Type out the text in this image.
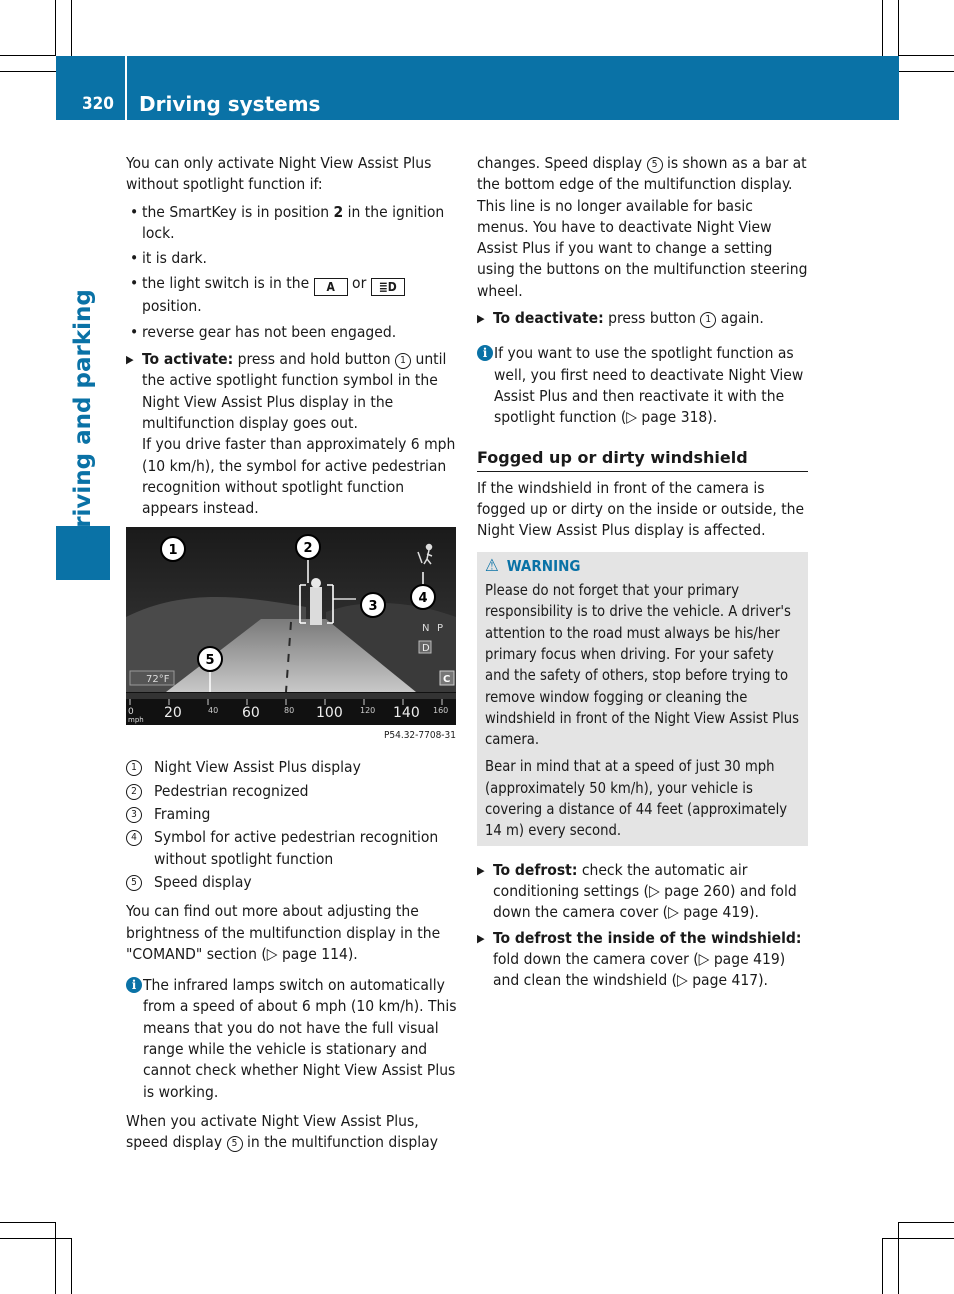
320 Driving systems
Driving and parking

You can only activate Night View Assist Plus without spotlight function if:

• the SmartKey is in position 2 in the ignition lock.
• it is dark.
• the light switch is in the A or ≣D position.
• reverse gear has not been engaged.
▶
To activate: press and hold button 1 until the active spotlight function symbol in the Night View Assist Plus display in the multifunction display goes out.
If you drive faster than approximately 6 mph (10 km/h), the symbol for active pedestrian recognition without spotlight function appears instead.
72°F
N P
D
C
0
mph 20	40 60	80 100 120 140 160
1	2
3
4
5
P54.32-7708-31
1	Night View Assist Plus display
2	Pedestrian recognized
3	Framing
4	Symbol for active pedestrian recognition without spotlight function
5	Speed display

You can find out more about adjusting the brightness of the multifunction display in the "COMAND" section (▷ page 114).

i The infrared lamps switch on automatically from a speed of about 6 mph (10 km/h). This means that you do not have the full visual range while the vehicle is stationary and cannot check whether Night View Assist Plus is working.

When you activate Night View Assist Plus, speed display 5 in the multifunction display

changes. Speed display 5 is shown as a bar at the bottom edge of the multifunction display. This line is no longer available for basic menus. You have to deactivate Night View Assist Plus if you want to change a setting using the buttons on the multifunction steering wheel.

▶
To deactivate: press button 1 again.
i If you want to use the spotlight function as well, you first need to deactivate Night View Assist Plus and then reactivate it with the spotlight function (▷ page 318).
Fogged up or dirty windshield

If the windshield in front of the camera is fogged up or dirty on the inside or outside, the Night View Assist Plus display is affected.

⚠ WARNING

Please do not forget that your primary responsibility is to drive the vehicle. A driver's attention to the road must always be his/her primary focus when driving. For your safety and the safety of others, stop before trying to remove window fogging or cleaning the windshield in front of the Night View Assist Plus camera.

Bear in mind that at a speed of just 30 mph (approximately 50 km/h), your vehicle is covering a distance of 44 feet (approximately 14 m) every second.

▶
To defrost: check the automatic air conditioning settings (▷ page 260) and fold down the camera cover (▷ page 419).
▶
To defrost the inside of the windshield: fold down the camera cover (▷ page 419) and clean the windshield (▷ page 417).
